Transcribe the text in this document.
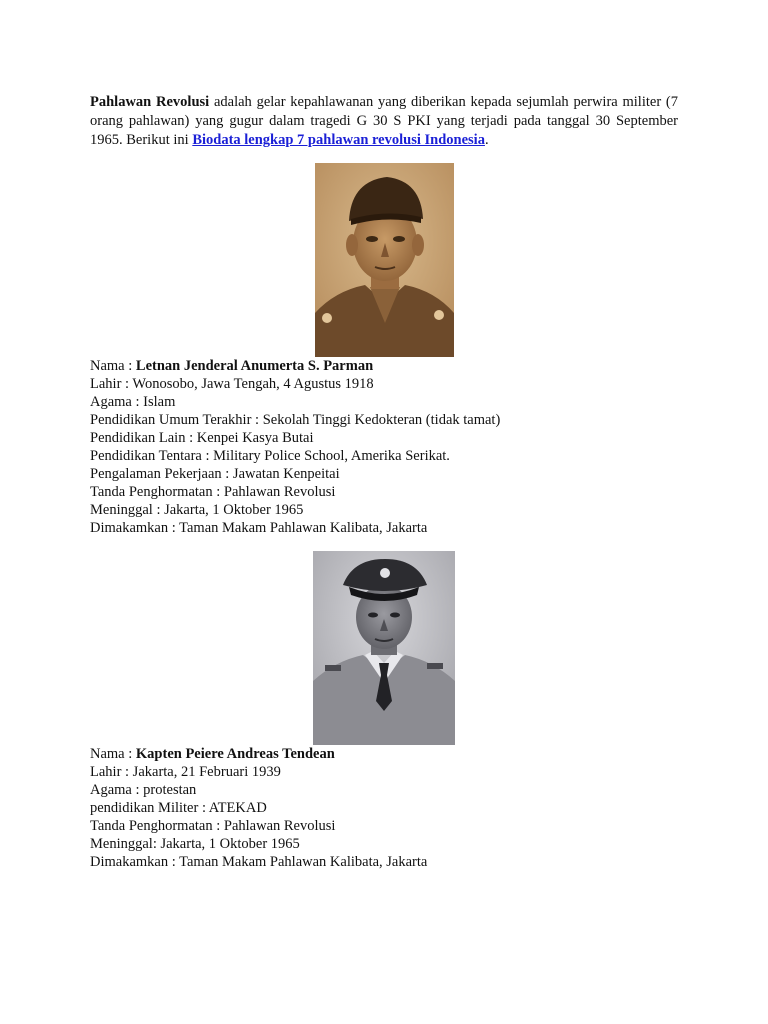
Pahlawan Revolusi adalah gelar kepahlawanan yang diberikan kepada sejumlah perwira militer (7 orang pahlawan) yang gugur dalam tragedi G 30 S PKI yang terjadi pada tanggal 30 September 1965. Berikut ini Biodata lengkap 7 pahlawan revolusi Indonesia.

Nama : Letnan Jenderal Anumerta S. Parman
Lahir : Wonosobo, Jawa Tengah, 4 Agustus 1918
Agama : Islam
Pendidikan Umum Terakhir : Sekolah Tinggi Kedokteran (tidak tamat)
Pendidikan Lain : Kenpei Kasya Butai
Pendidikan Tentara : Military Police School, Amerika Serikat.
Pengalaman Pekerjaan : Jawatan Kenpeitai
Tanda Penghormatan : Pahlawan Revolusi
Meninggal : Jakarta, 1 Oktober 1965
Dimakamkan : Taman Makam Pahlawan Kalibata, Jakarta
Nama : Kapten Peiere Andreas Tendean
Lahir : Jakarta, 21 Februari 1939
Agama : protestan
pendidikan Militer : ATEKAD
Tanda Penghormatan : Pahlawan Revolusi
Meninggal: Jakarta, 1 Oktober 1965
Dimakamkan : Taman Makam Pahlawan Kalibata, Jakarta
